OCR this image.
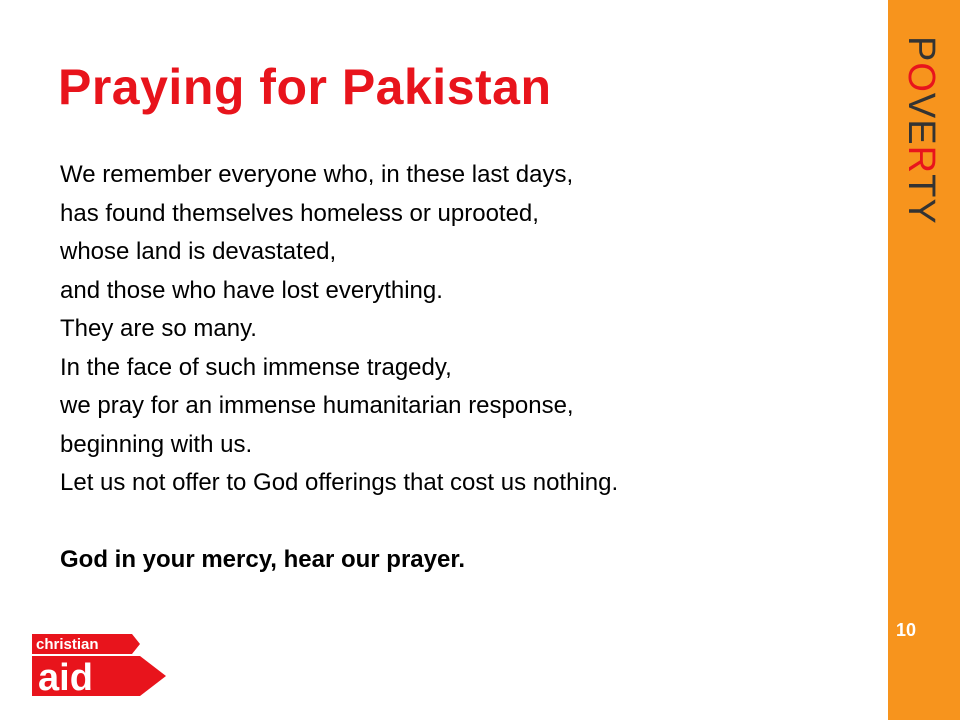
Praying for Pakistan
We remember everyone who, in these last days,
has found themselves homeless or uprooted,
whose land is devastated,
and those who have lost everything.
They are so many.
In the face of such immense tragedy,
we pray for an immense humanitarian response,
beginning with us.
Let us not offer to God offerings that cost us nothing.
God in your mercy, hear our prayer.
POVERTY
10
christian
aid
